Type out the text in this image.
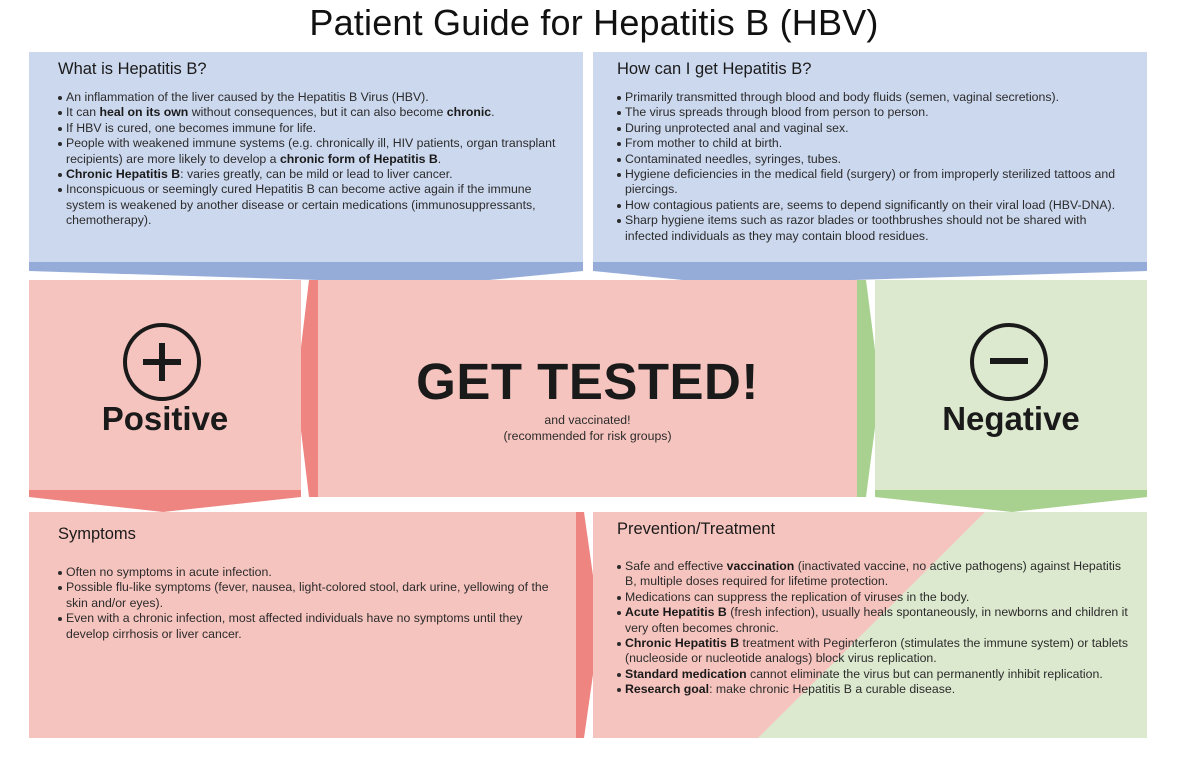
Patient Guide for Hepatitis B (HBV)
What is Hepatitis B?
An inflammation of the liver caused by the Hepatitis B Virus (HBV).
It can heal on its own without consequences, but it can also become chronic.
If HBV is cured, one becomes immune for life.
People with weakened immune systems (e.g. chronically ill, HIV patients, organ transplant recipients) are more likely to develop a chronic form of Hepatitis B.
Chronic Hepatitis B: varies greatly, can be mild or lead to liver cancer.
Inconspicuous or seemingly cured Hepatitis B can become active again if the immune system is weakened by another disease or certain medications (immunosuppressants, chemotherapy).
How can I get Hepatitis B?
Primarily transmitted through blood and body fluids (semen, vaginal secretions).
The virus spreads through blood from person to person.
During unprotected anal and vaginal sex.
From mother to child at birth.
Contaminated needles, syringes, tubes.
Hygiene deficiencies in the medical field (surgery) or from improperly sterilized tattoos and piercings.
How contagious patients are, seems to depend significantly on their viral load (HBV-DNA).
Sharp hygiene items such as razor blades or toothbrushes should not be shared with infected individuals as they may contain blood residues.
Positive
GET TESTED!
and vaccinated!
(recommended for risk groups)	Negative
Symptoms
Often no symptoms in acute infection.
Possible flu-like symptoms (fever, nausea, light-colored stool, dark urine, yellowing of the skin and/or eyes).
Even with a chronic infection, most affected individuals have no symptoms until they develop cirrhosis or liver cancer.
Prevention/Treatment
Safe and effective vaccination (inactivated vaccine, no active pathogens) against Hepatitis B, multiple doses required for lifetime protection.
Medications can suppress the replication of viruses in the body.
Acute Hepatitis B (fresh infection), usually heals spontaneously, in newborns and children it very often becomes chronic.
Chronic Hepatitis B treatment with Peginterferon (stimulates the immune system) or tablets (nucleoside or nucleotide analogs) block virus replication.
Standard medication cannot eliminate the virus but can permanently inhibit replication.
Research goal: make chronic Hepatitis B a curable disease.
